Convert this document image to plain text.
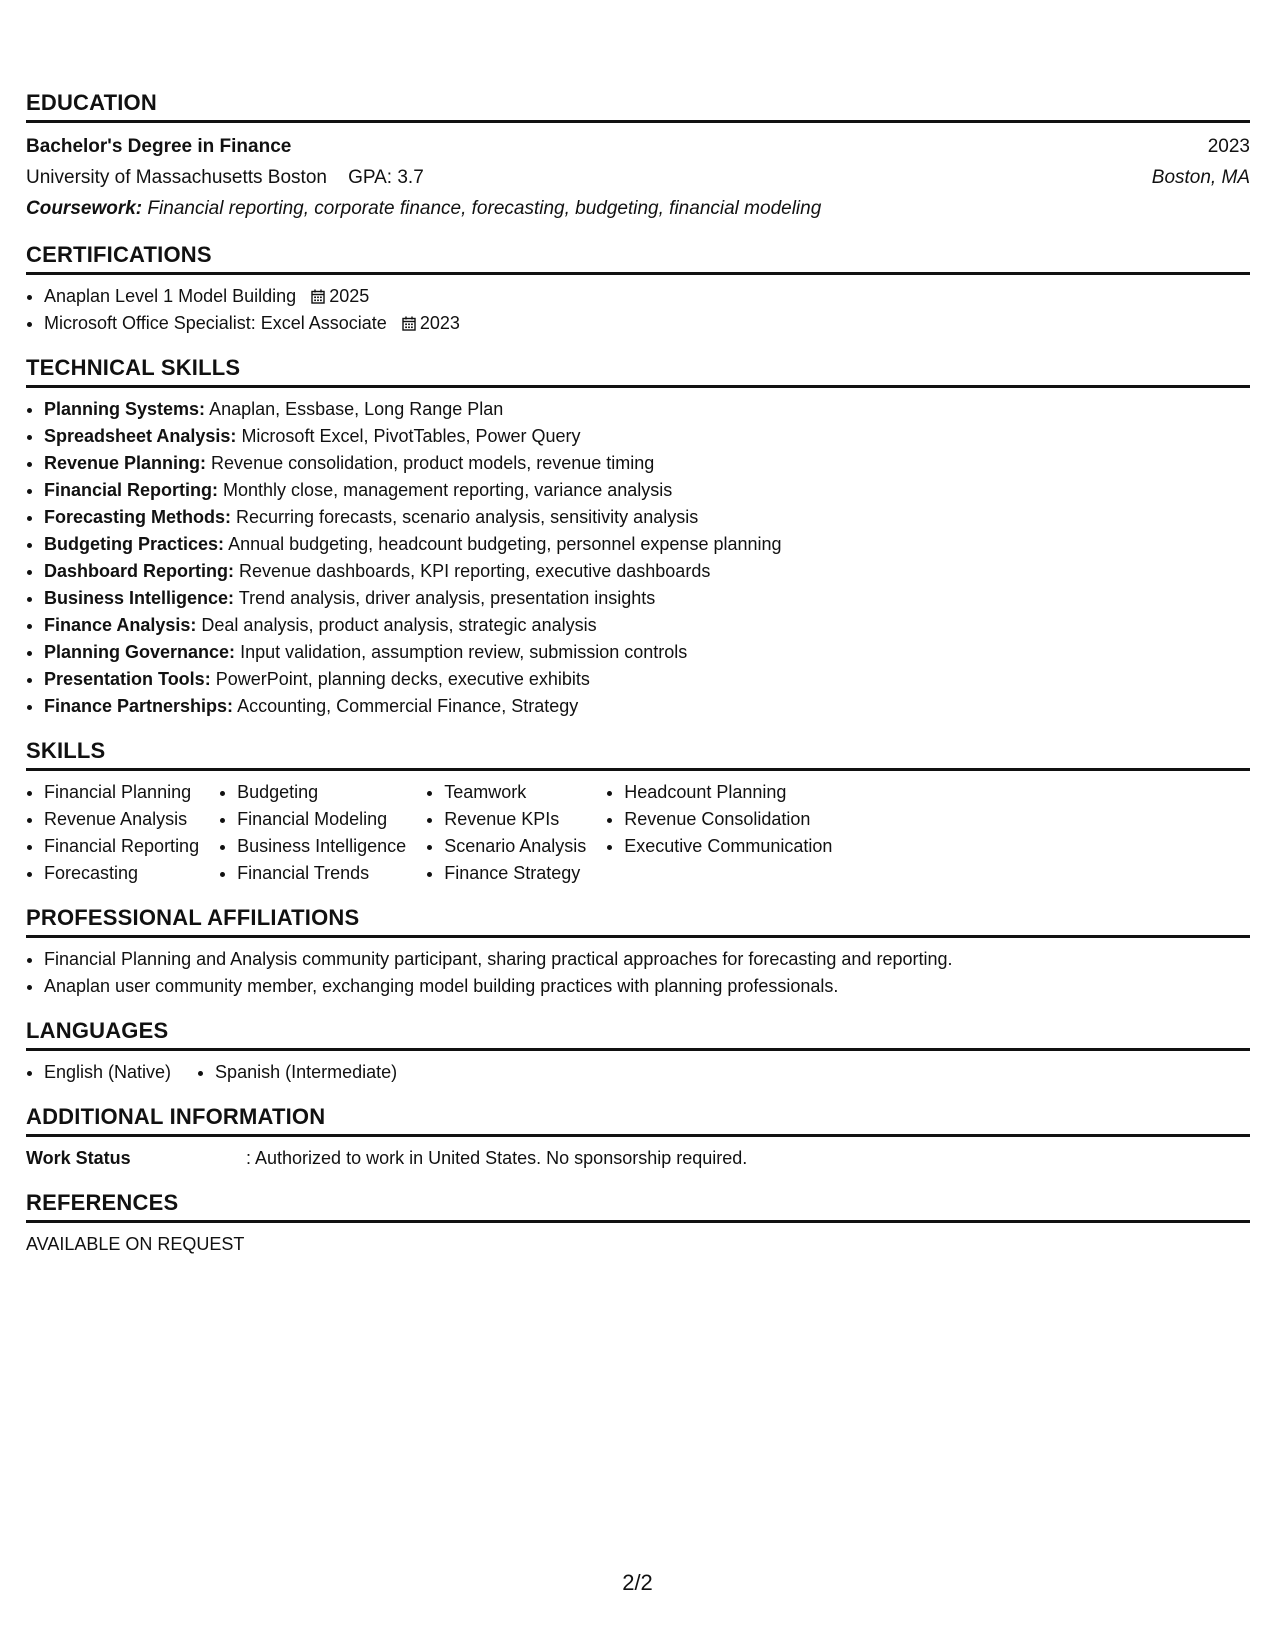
EDUCATION
Bachelor's Degree in Finance	2023
University of Massachusetts Boston GPA: 3.7	Boston, MA
Coursework: Financial reporting, corporate finance, forecasting, budgeting, financial modeling
CERTIFICATIONS
• Anaplan Level 1 Model Building 2025
• Microsoft Office Specialist: Excel Associate 2023
TECHNICAL SKILLS
• Planning Systems: Anaplan, Essbase, Long Range Plan
• Spreadsheet Analysis: Microsoft Excel, PivotTables, Power Query
• Revenue Planning: Revenue consolidation, product models, revenue timing
• Financial Reporting: Monthly close, management reporting, variance analysis
• Forecasting Methods: Recurring forecasts, scenario analysis, sensitivity analysis
• Budgeting Practices: Annual budgeting, headcount budgeting, personnel expense planning
• Dashboard Reporting: Revenue dashboards, KPI reporting, executive dashboards
• Business Intelligence: Trend analysis, driver analysis, presentation insights
• Finance Analysis: Deal analysis, product analysis, strategic analysis
• Planning Governance: Input validation, assumption review, submission controls
• Presentation Tools: PowerPoint, planning decks, executive exhibits
• Finance Partnerships: Accounting, Commercial Finance, Strategy
SKILLS
• Financial Planning
• Revenue Analysis
• Financial Reporting
• Forecasting
• Budgeting
• Financial Modeling
• Business Intelligence
• Financial Trends
• Teamwork
• Revenue KPIs
• Scenario Analysis
• Finance Strategy
• Headcount Planning
• Revenue Consolidation
• Executive Communication
PROFESSIONAL AFFILIATIONS
• Financial Planning and Analysis community participant, sharing practical approaches for forecasting and reporting.
• Anaplan user community member, exchanging model building practices with planning professionals.
LANGUAGES
• English (Native)
• Spanish (Intermediate)
ADDITIONAL INFORMATION
Work Status	: Authorized to work in United States. No sponsorship required.
REFERENCES
AVAILABLE ON REQUEST
2/2
